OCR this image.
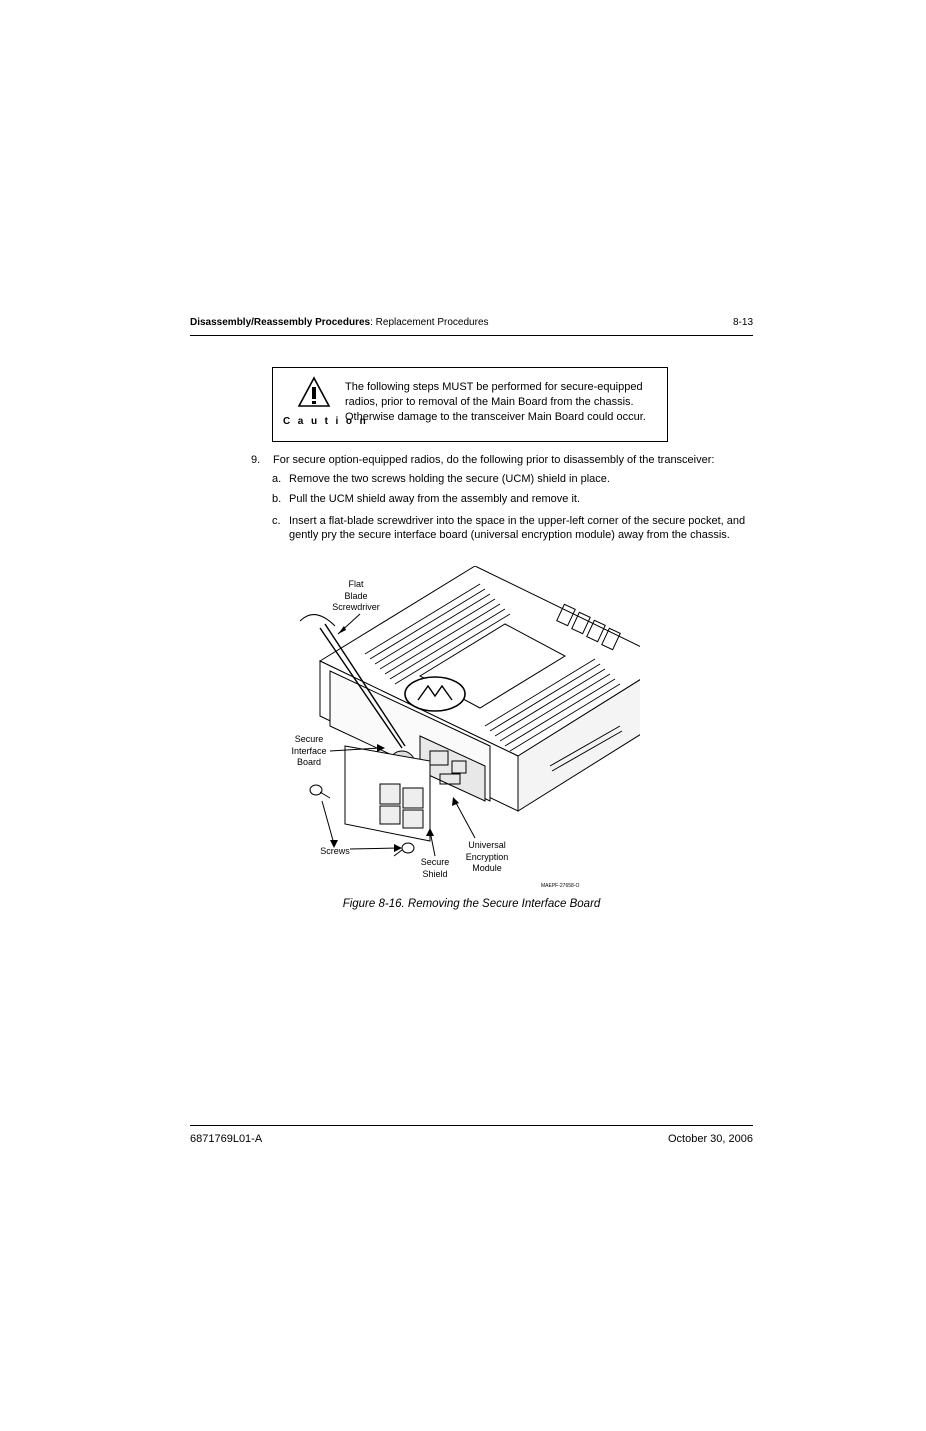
Disassembly/Reassembly Procedures: Replacement Procedures	8-13
C a u t i o n
The following steps MUST be performed for secure-equipped radios, prior to removal of the Main Board from the chassis. Otherwise damage to the transceiver Main Board could occur.
9. For secure option-equipped radios, do the following prior to disassembly of the transceiver:
a. Remove the two screws holding the secure (UCM) shield in place.
b. Pull the UCM shield away from the assembly and remove it.
c. Insert a flat-blade screwdriver into the space in the upper-left corner of the secure pocket, and gently pry the secure interface board (universal encryption module) away from the chassis.
Flat
Blade
Screwdriver
Secure
Interface
Board
Screws
Secure
Shield
Universal
Encryption
Module
MAEPF-27658-O
Figure 8-16. Removing the Secure Interface Board
6871769L01-A	October 30, 2006
